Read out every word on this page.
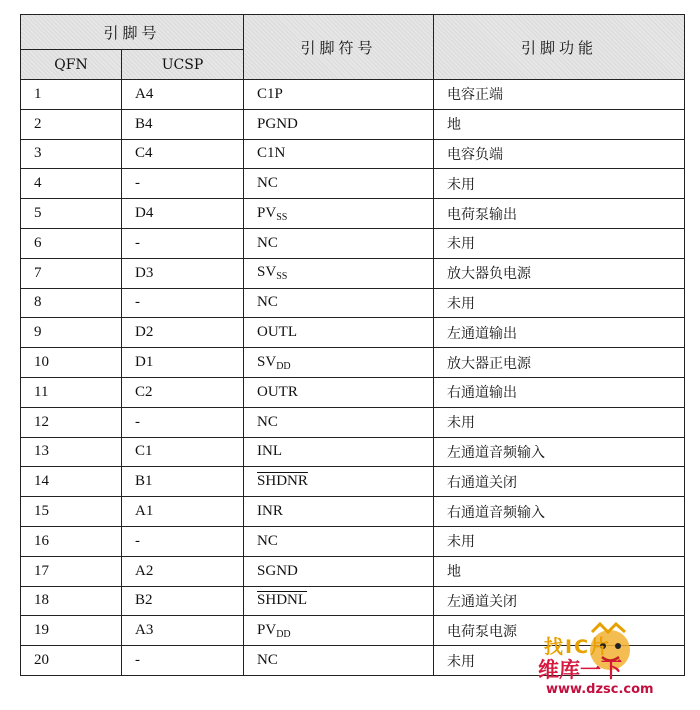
引脚号		引脚符号	引脚功能
QFN	UCSP		
1	A4	C1P	电容正端
2	B4	PGND	地
3	C4	C1N	电容负端
4	-	NC	未用
5	D4	$PV_{SS}$	电荷泵输出
6	-	NC	未用
7	D3	$SV_{SS}$	放大器负电源
8	-	NC	未用
9	D2	OUTL	左通道输出
10	D1	$SV_{DD}$	放大器正电源
11	C2	OUTR	右通道输出
12	-	NC	未用
13	C1	INL	左通道音频输入
14	B1	SHDNR	右通道关闭
15	A1	INR	右通道音频输入
16	-	NC	未用
17	A2	SGND	地
18	B2	SHDNL	左通道关闭
19	A3	$PV_{DD}$	电荷泵电源
20	-	NC	未用
找IC片
维库一下
www.dzsc.com
